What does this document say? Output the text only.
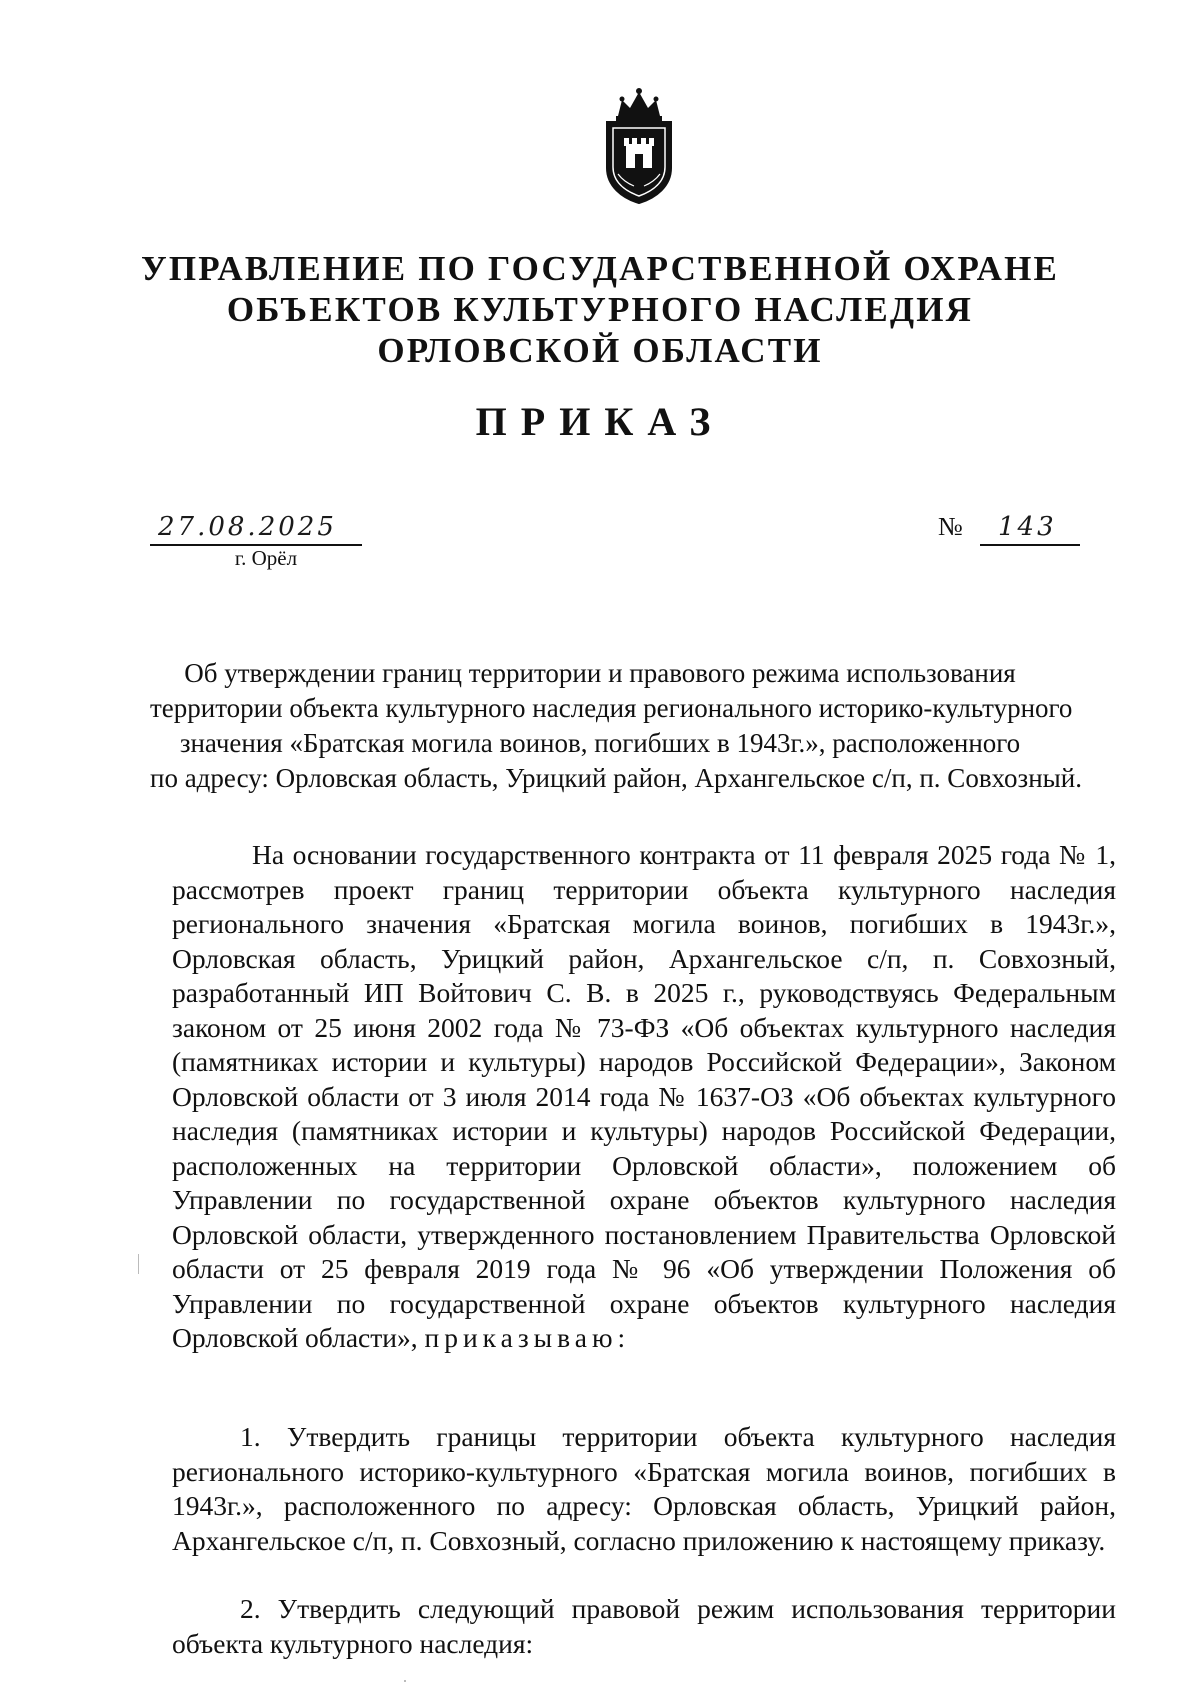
УПРАВЛЕНИЕ ПО ГОСУДАРСТВЕННОЙ ОХРАНЕ
ОБЪЕКТОВ КУЛЬТУРНОГО НАСЛЕДИЯ
ОРЛОВСКОЙ ОБЛАСТИ
ПРИКАЗ
27.08.2025
г. Орёл
№ 143
Об утверждении границ территории и правового режима использования
территории объекта культурного наследия регионального историко-культурного
значения «Братская могила воинов, погибших в 1943г.», расположенного
по адресу: Орловская область, Урицкий район, Архангельское с/п, п. Совхозный.
На основании государственного контракта от 11 февраля 2025 года № 1, рассмотрев проект границ территории объекта культурного наследия регионального значения «Братская могила воинов, погибших в 1943г.», Орловская область, Урицкий район, Архангельское с/п, п. Совхозный, разработанный ИП Войтович С. В. в 2025 г., руководствуясь Федеральным законом от 25 июня 2002 года № 73-ФЗ «Об объектах культурного наследия (памятниках истории и культуры) народов Российской Федерации», Законом Орловской области от 3 июля 2014 года № 1637-ОЗ «Об объектах культурного наследия (памятниках истории и культуры) народов Российской Федерации, расположенных на территории Орловской области», положением об Управлении по государственной охране объектов культурного наследия Орловской области, утвержденного постановлением Правительства Орловской области от 25 февраля 2019 года № 96 «Об утверждении Положения об Управлении по государственной охране объектов культурного наследия Орловской области», приказываю:
1. Утвердить границы территории объекта культурного наследия регионального историко-культурного «Братская могила воинов, погибших в 1943г.», расположенного по адресу: Орловская область, Урицкий район, Архангельское с/п, п. Совхозный, согласно приложению к настоящему приказу.
2. Утвердить следующий правовой режим использования территории объекта культурного наследия:
